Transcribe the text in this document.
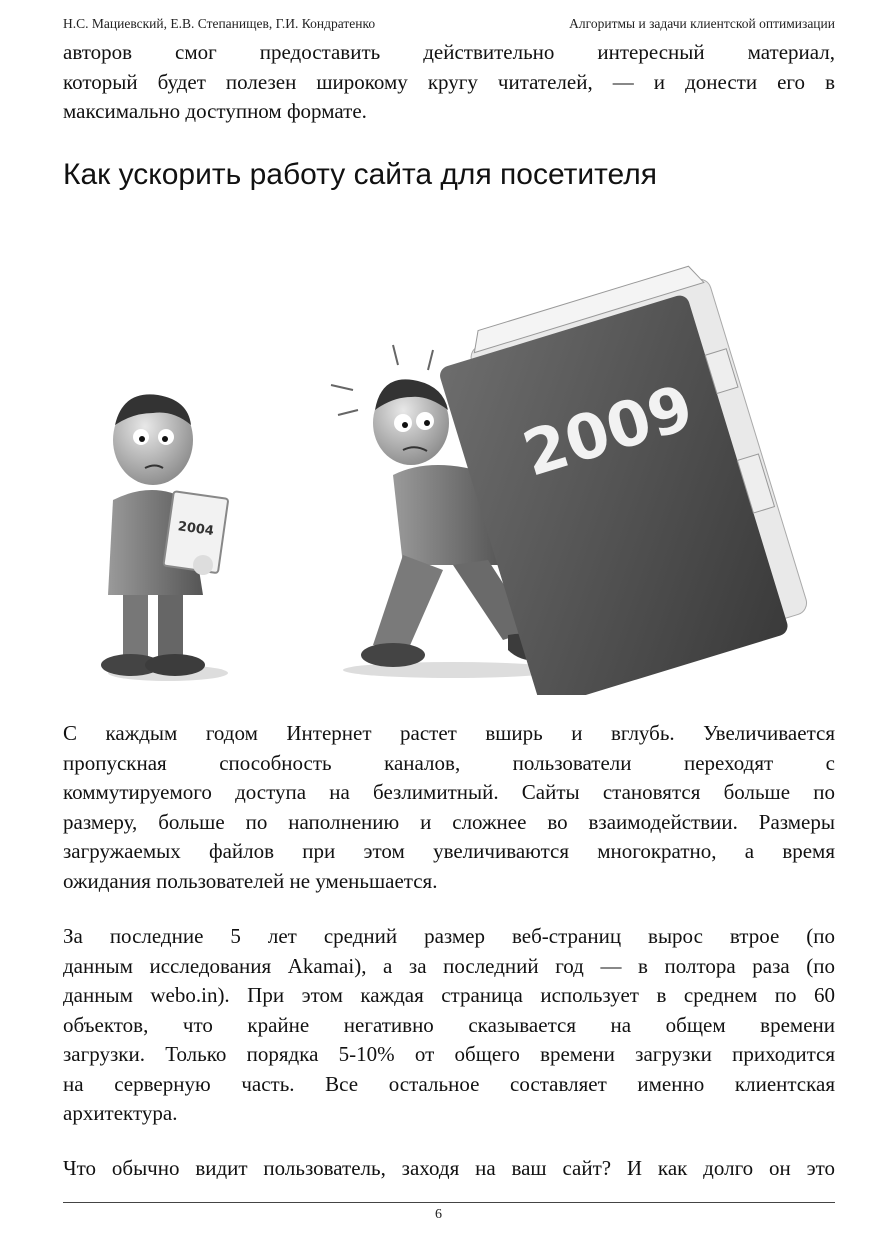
Н.С. Мациевский, Е.В. Степанищев, Г.И. Кондратенко	Алгоритмы и задачи клиентской оптимизации

авторов смог предоставить действительно интересный материал,
который будет полезен широкому кругу читателей, — и донести его в
максимально доступном формате.

Как ускорить работу сайта для посетителя
2004
2009

С каждым годом Интернет растет вширь и вглубь. Увеличивается
пропускная способность каналов, пользователи переходят с
коммутируемого доступа на безлимитный. Сайты становятся больше по
размеру, больше по наполнению и сложнее во взаимодействии. Размеры
загружаемых файлов при этом увеличиваются многократно, а время
ожидания пользователей не уменьшается.

За последние 5 лет средний размер веб-страниц вырос втрое (по
данным исследования Akamai), а за последний год — в полтора раза (по
данным webo.in). При этом каждая страница использует в среднем по 60
объектов, что крайне негативно сказывается на общем времени
загрузки. Только порядка 5-10% от общего времени загрузки приходится
на серверную часть. Все остальное составляет именно клиентская
архитектура.

Что обычно видит пользователь, заходя на ваш сайт? И как долго он это

6
